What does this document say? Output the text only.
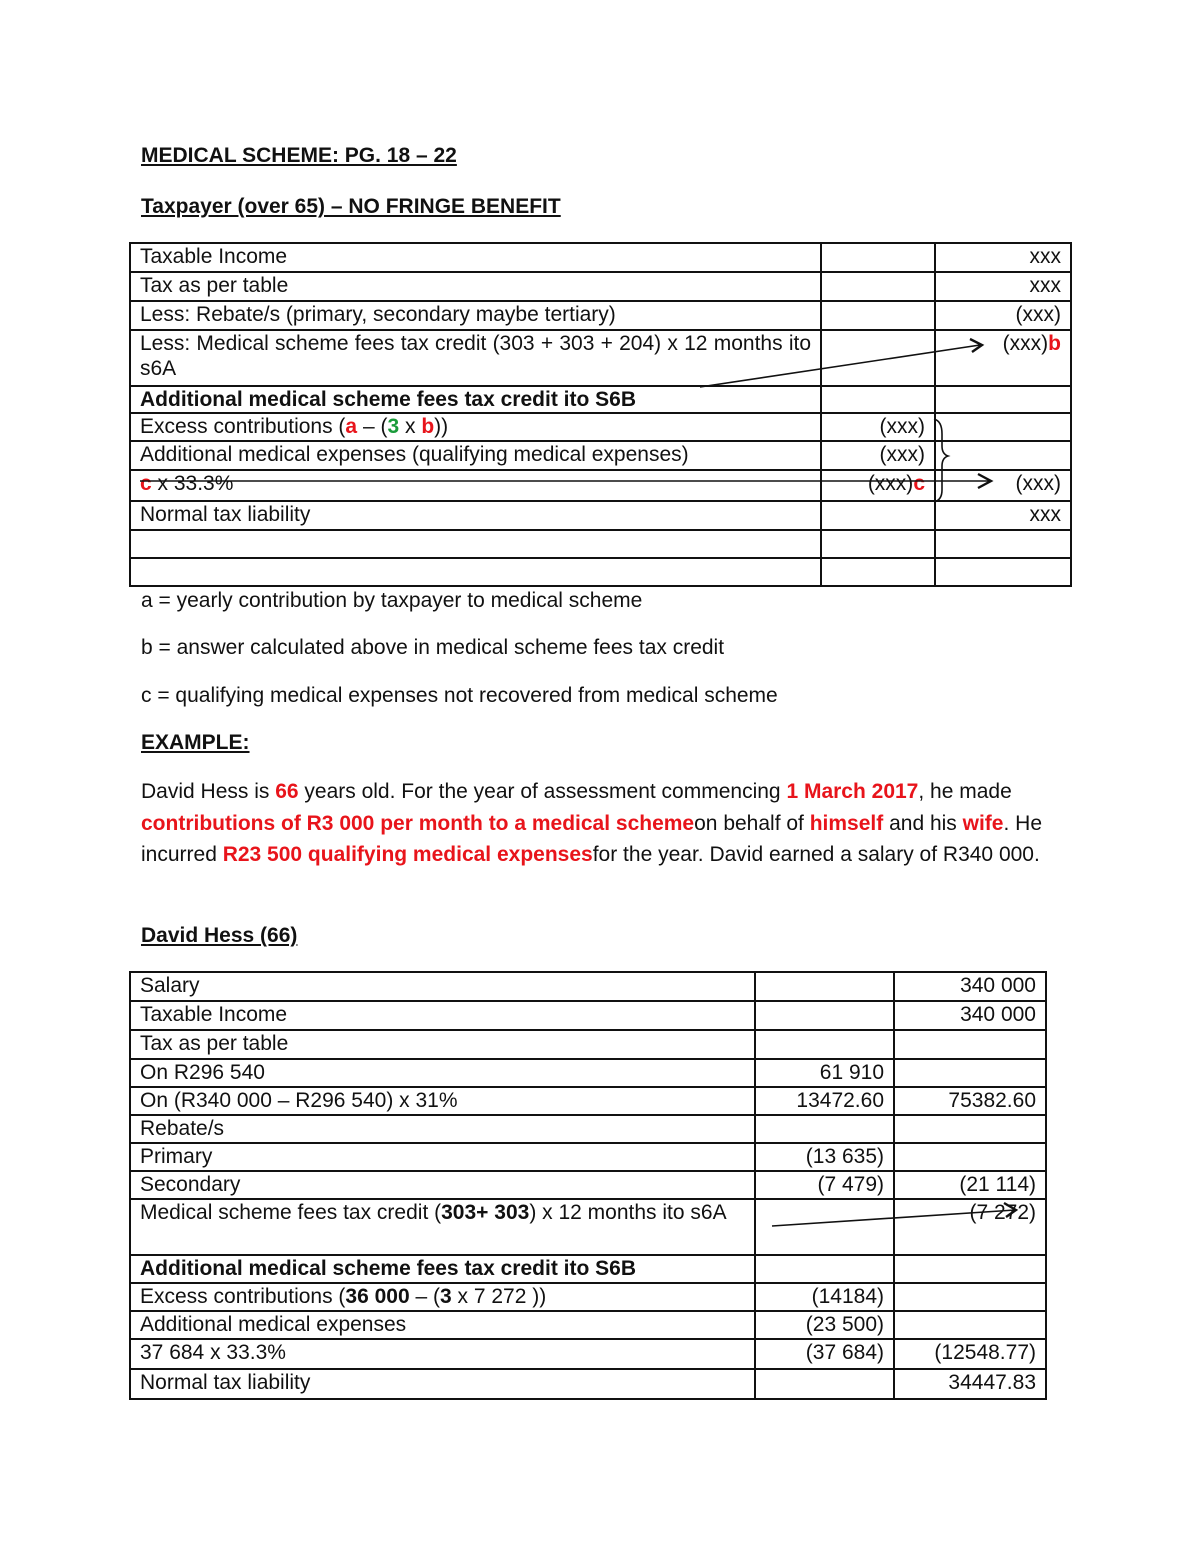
MEDICAL SCHEME: PG. 18 – 22
Taxpayer (over 65) – NO FRINGE BENEFIT
Taxable Income		xxx
Tax as per table		xxx
Less: Rebate/s (primary, secondary maybe tertiary)		(xxx)
Less: Medical scheme fees tax credit (303 + 303 + 204) x 12 months ito s6A		(xxx)b
Additional medical scheme fees tax credit ito S6B		
Excess contributions (a – (3 x b))	(xxx)	
Additional medical expenses (qualifying medical expenses)	(xxx)	
c x 33.3%	(xxx)c	(xxx)
Normal tax liability		xxx

a = yearly contribution by taxpayer to medical scheme
b = answer calculated above in medical scheme fees tax credit
c = qualifying medical expenses not recovered from medical scheme
EXAMPLE:
David Hess is 66 years old. For the year of assessment commencing 1 March 2017, he made contributions of R3 000 per month to a medical schemeon behalf of himself and his wife. He incurred R23 500 qualifying medical expensesfor the year. David earned a salary of R340 000.
David Hess (66)
Salary		340 000
Taxable Income		340 000
Tax as per table		
On R296 540	61 910	
On (R340 000 – R296 540) x 31%	13472.60	75382.60
Rebate/s		
Primary	(13 635)	
Secondary	(7 479)	(21 114)
Medical scheme fees tax credit (303+ 303) x 12 months ito s6A		(7 272)
Additional medical scheme fees tax credit ito S6B		
Excess contributions (36 000 – (3 x 7 272 ))	(14184)	
Additional medical expenses	(23 500)	
37 684 x 33.3%	(37 684)	(12548.77)
Normal tax liability		34447.83
